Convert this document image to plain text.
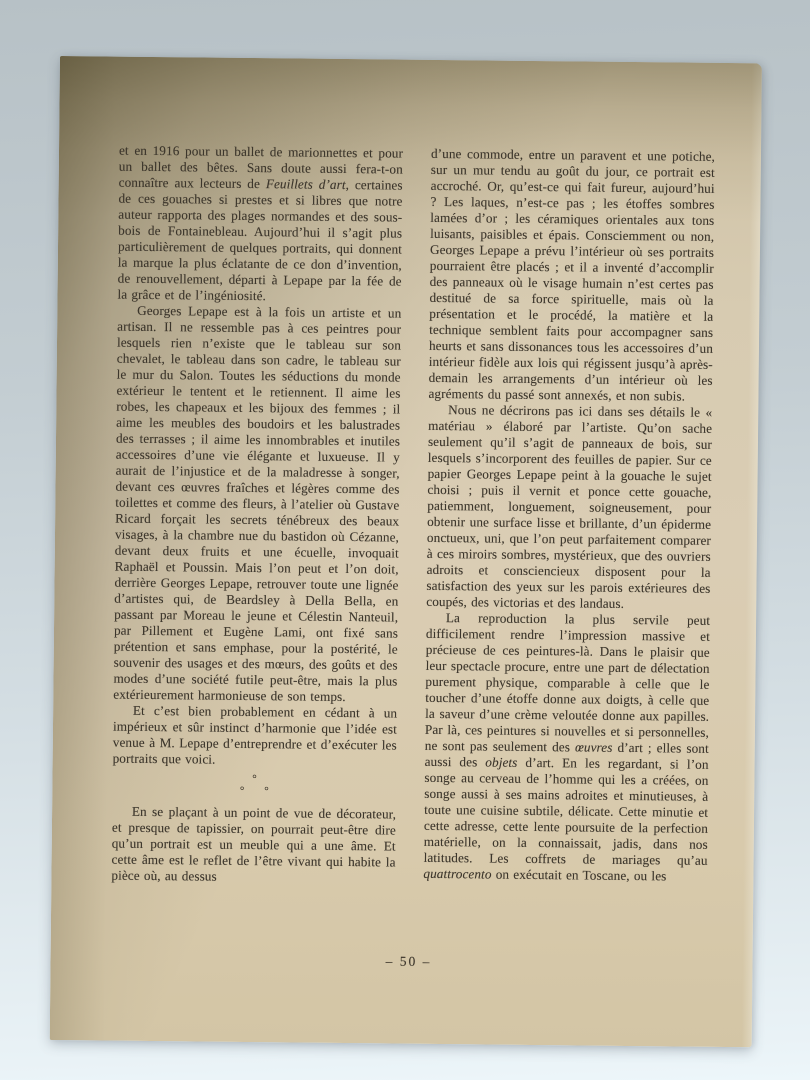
et en 1916 pour un ballet de marionnettes et pour un ballet des bêtes. Sans doute aussi fera-t-on connaître aux lecteurs de Feuillets d’art, certaines de ces gouaches si prestes et si libres que notre auteur rapporta des plages normandes et des sous-bois de Fontainebleau. Aujourd’hui il s’agit plus particulièrement de quelques portraits, qui donnent la marque la plus éclatante de ce don d’invention, de renouvellement, départi à Lepape par la fée de la grâce et de l’ingéniosité.

Georges Lepape est à la fois un artiste et un artisan. Il ne ressemble pas à ces peintres pour lesquels rien n’existe que le tableau sur son chevalet, le tableau dans son cadre, le tableau sur le mur du Salon. Toutes les séductions du monde extérieur le tentent et le retiennent. Il aime les robes, les chapeaux et les bijoux des femmes ; il aime les meubles des boudoirs et les balustrades des terrasses ; il aime les innombrables et inutiles accessoires d’une vie élégante et luxueuse. Il y aurait de l’injustice et de la maladresse à songer, devant ces œuvres fraîches et légères comme des toilettes et comme des fleurs, à l’atelier où Gustave Ricard forçait les secrets ténébreux des beaux visages, à la chambre nue du bastidon où Cézanne, devant deux fruits et une écuelle, invoquait Raphaël et Poussin. Mais l’on peut et l’on doit, derrière Georges Lepape, retrouver toute une lignée d’artistes qui, de Beardsley à Della Bella, en passant par Moreau le jeune et Célestin Nanteuil, par Pillement et Eugène Lami, ont fixé sans prétention et sans emphase, pour la postérité, le souvenir des usages et des mœurs, des goûts et des modes d’une société futile peut-être, mais la plus extérieurement harmonieuse de son temps.

Et c’est bien probablement en cédant à un impérieux et sûr instinct d’harmonie que l’idée est venue à M. Lepape d’entreprendre et d’exécuter les portraits que voici.

°
° °

En se plaçant à un point de vue de décorateur, et presque de tapissier, on pourrait peut-être dire qu’un portrait est un meuble qui a une âme. Et cette âme est le reflet de l’être vivant qui habite la pièce où, au dessus

d’une commode, entre un paravent et une potiche, sur un mur tendu au goût du jour, ce portrait est accroché. Or, qu’est-ce qui fait fureur, aujourd’hui ? Les laques, n’est-ce pas ; les étoffes sombres lamées d’or ; les céramiques orientales aux tons luisants, paisibles et épais. Consciemment ou non, Georges Lepape a prévu l’intérieur où ses portraits pourraient être placés ; et il a inventé d’accomplir des panneaux où le visage humain n’est certes pas destitué de sa force spirituelle, mais où la présentation et le procédé, la matière et la technique semblent faits pour accompagner sans heurts et sans dissonances tous les accessoires d’un intérieur fidèle aux lois qui régissent jusqu’à après-demain les arrangements d’un intérieur où les agréments du passé sont annexés, et non subis.

Nous ne décrirons pas ici dans ses détails le « matériau » élaboré par l’artiste. Qu’on sache seulement qu’il s’agit de panneaux de bois, sur lesquels s’incorporent des feuilles de papier. Sur ce papier Georges Lepape peint à la gouache le sujet choisi ; puis il vernit et ponce cette gouache, patiemment, longuement, soigneusement, pour obtenir une surface lisse et brillante, d’un épiderme onctueux, uni, que l’on peut parfaitement comparer à ces miroirs sombres, mystérieux, que des ouvriers adroits et consciencieux disposent pour la satisfaction des yeux sur les parois extérieures des coupés, des victorias et des landaus.

La reproduction la plus servile peut difficilement rendre l’impression massive et précieuse de ces peintures-là. Dans le plaisir que leur spectacle procure, entre une part de délectation purement physique, comparable à celle que le toucher d’une étoffe donne aux doigts, à celle que la saveur d’une crème veloutée donne aux papilles. Par là, ces peintures si nouvelles et si personnelles, ne sont pas seulement des œuvres d’art ; elles sont aussi des objets d’art. En les regardant, si l’on songe au cerveau de l’homme qui les a créées, on songe aussi à ses mains adroites et minutieuses, à toute une cuisine subtile, délicate. Cette minutie et cette adresse, cette lente poursuite de la perfection matérielle, on la connaissait, jadis, dans nos latitudes. Les coffrets de mariages qu’au quattrocento on exécutait en Toscane, ou les

– 50 –
